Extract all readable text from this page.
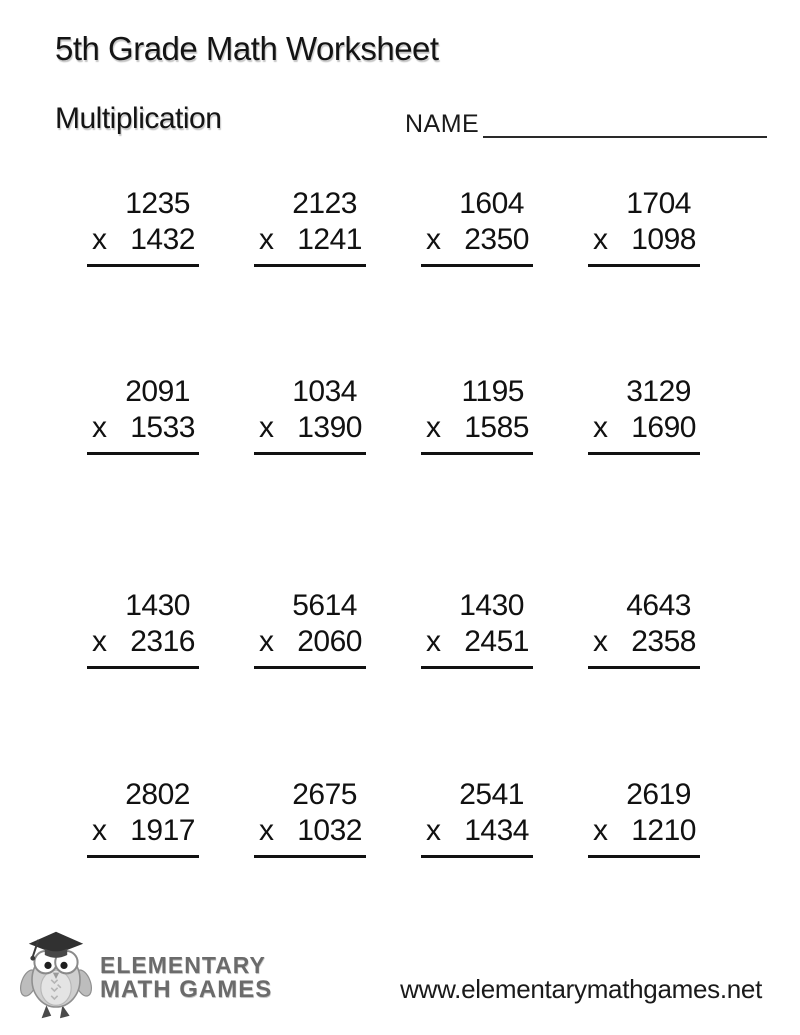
5th Grade Math Worksheet
Multiplication	NAME
1235
x 1432
2123
x 1241
1604
x 2350
1704
x 1098
2091
x 1533
1034
x 1390
1195
x 1585
3129
x 1690
1430
x 2316
5614
x 2060
1430
x 2451
4643
x 2358
2802
x 1917
2675
x 1032
2541
x 1434
2619
x 1210
ELEMENTARY
MATH GAMES	www.elementarymathgames.net
